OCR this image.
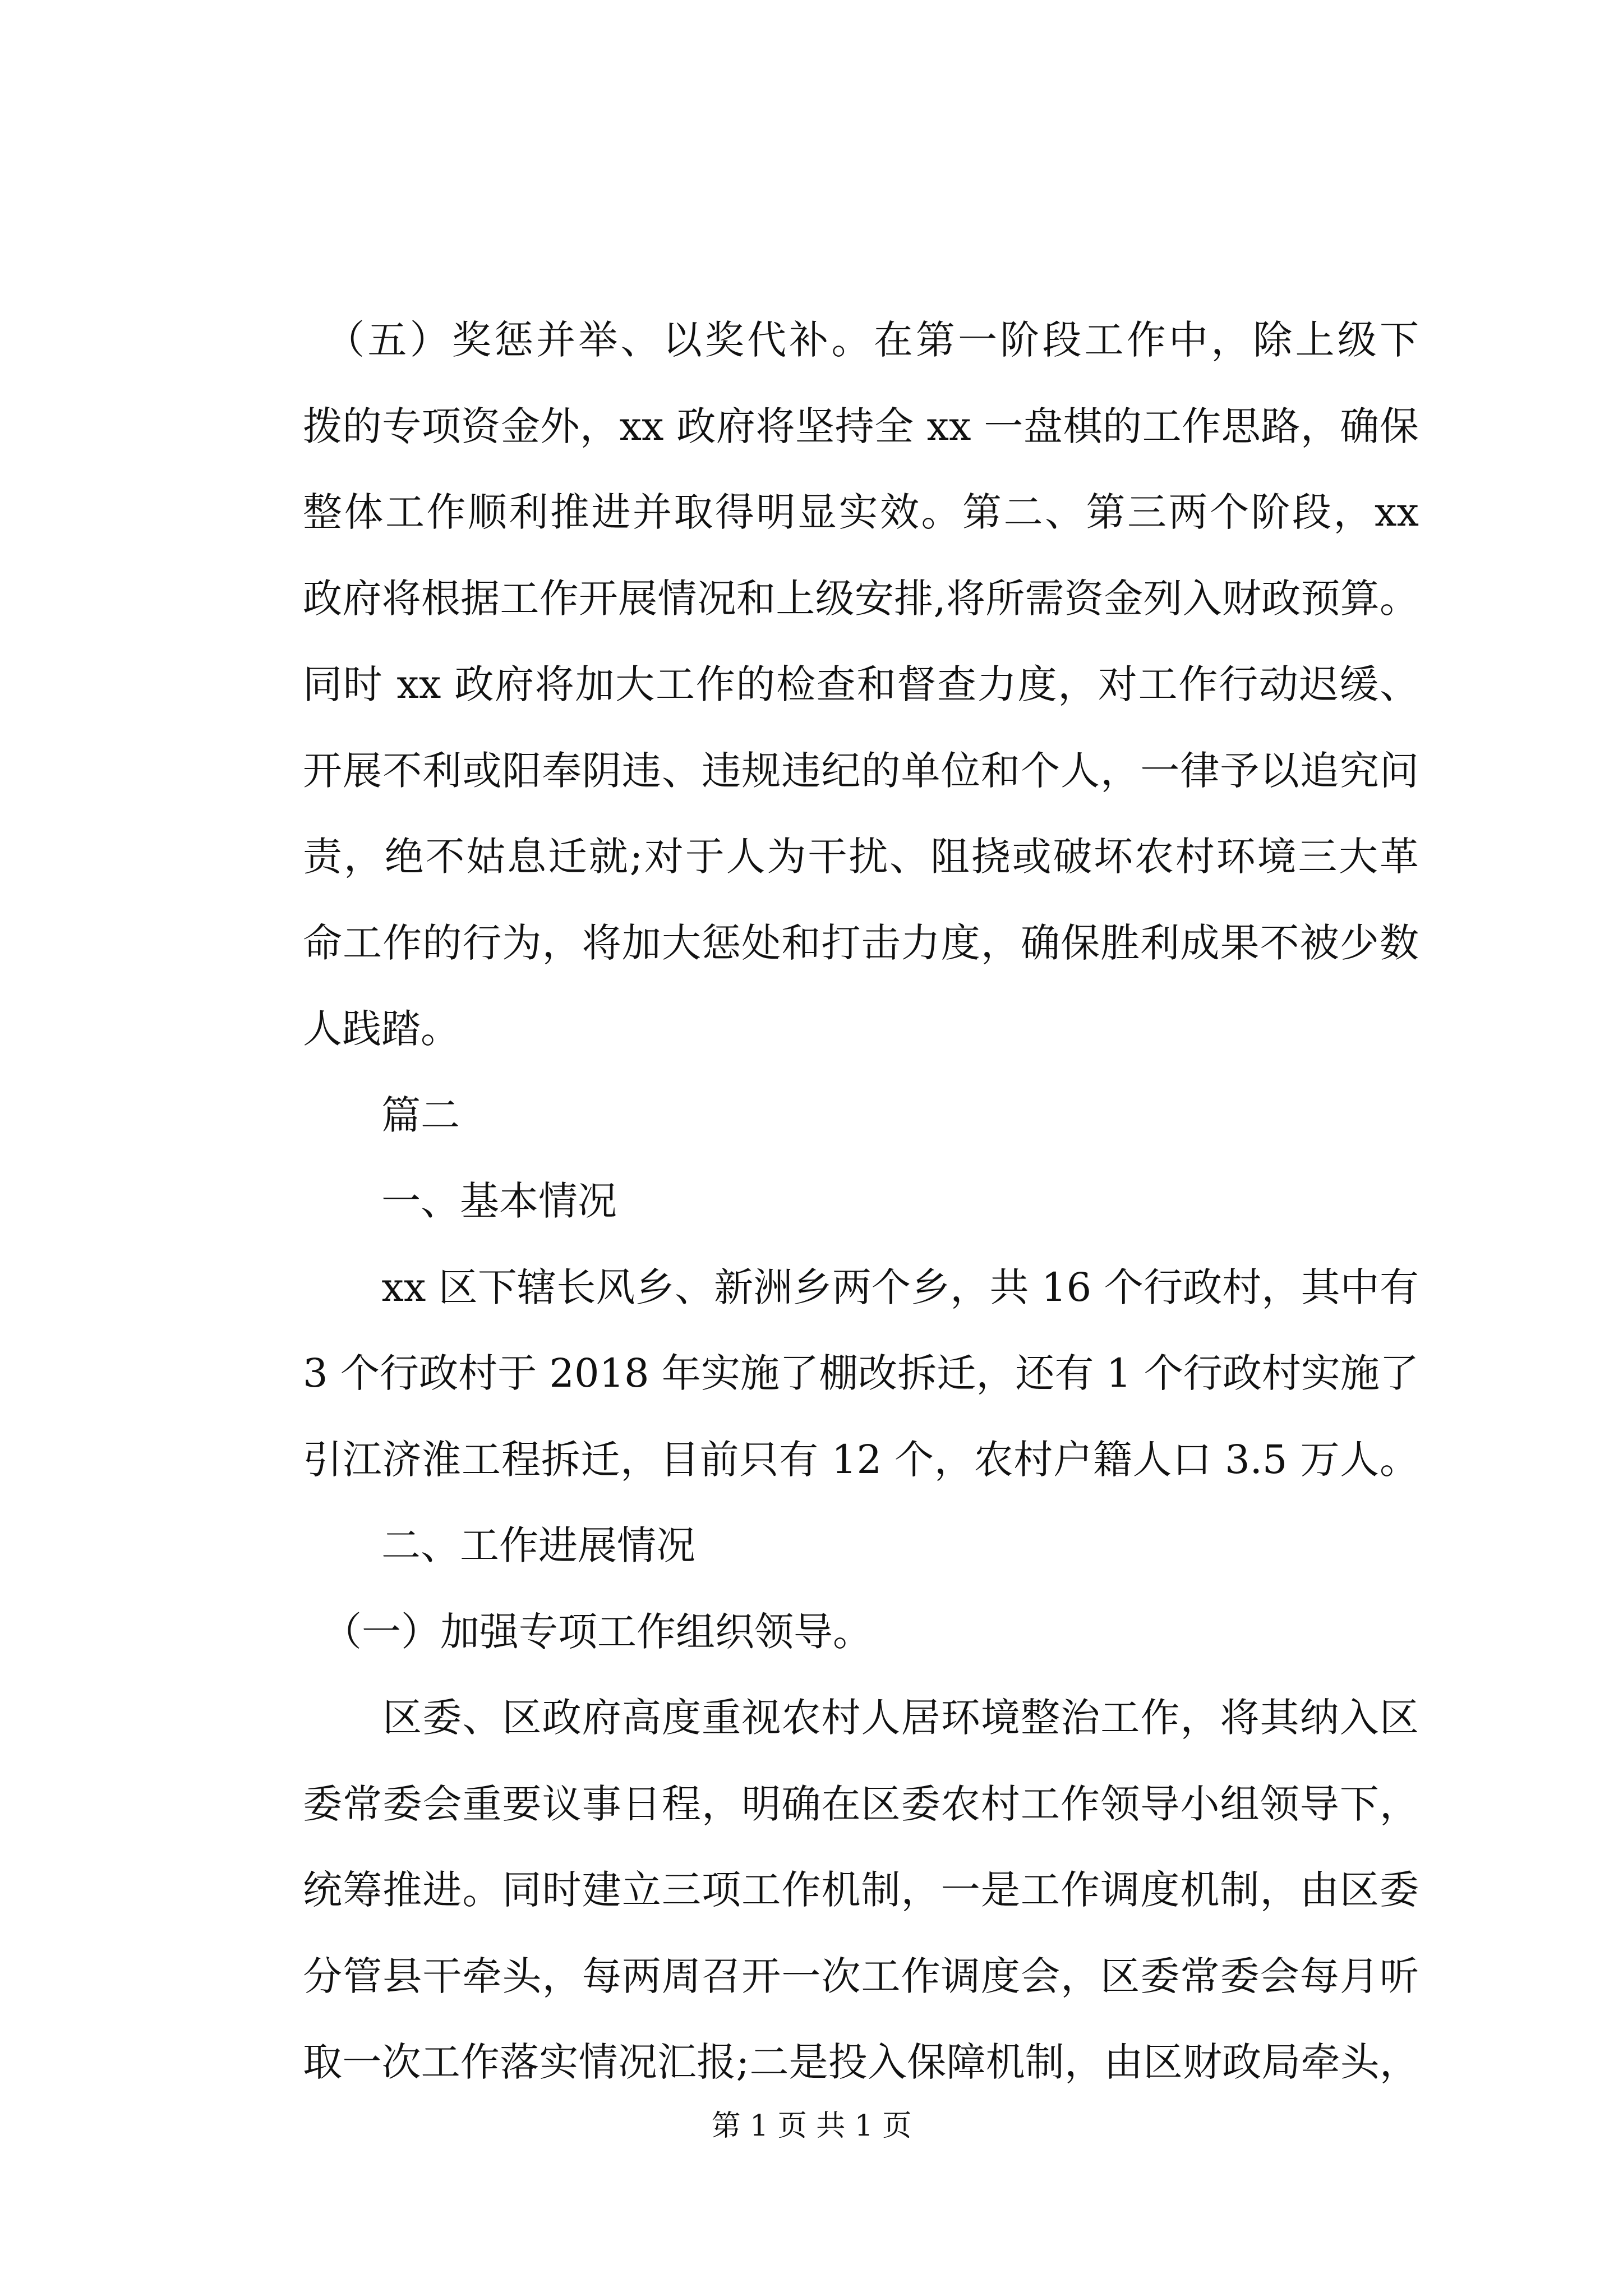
　（五）奖惩并举、以奖代补。在第一阶段工作中，除上级下
拨的专项资金外，xx 政府将坚持全 xx 一盘棋的工作思路，确保
整体工作顺利推进并取得明显实效。第二、第三两个阶段，xx
政府将根据工作开展情况和上级安排,将所需资金列入财政预算。
同时 xx 政府将加大工作的检查和督查力度，对工作行动迟缓、
开展不利或阳奉阴违、违规违纪的单位和个人，一律予以追究问
责，绝不姑息迁就;对于人为干扰、阻挠或破坏农村环境三大革
命工作的行为，将加大惩处和打击力度，确保胜利成果不被少数
人践踏。
　　篇二
　　一、基本情况
　　xx 区下辖长风乡、新洲乡两个乡，共 16 个行政村，其中有
3 个行政村于 2018 年实施了棚改拆迁，还有 1 个行政村实施了
引江济淮工程拆迁，目前只有 12 个，农村户籍人口 3.5 万人。
　　二、工作进展情况
　（一）加强专项工作组织领导。
　　区委、区政府高度重视农村人居环境整治工作，将其纳入区
委常委会重要议事日程，明确在区委农村工作领导小组领导下，
统筹推进。同时建立三项工作机制，一是工作调度机制，由区委
分管县干牵头，每两周召开一次工作调度会，区委常委会每月听
取一次工作落实情况汇报;二是投入保障机制，由区财政局牵头，
第 1 页 共 1 页
